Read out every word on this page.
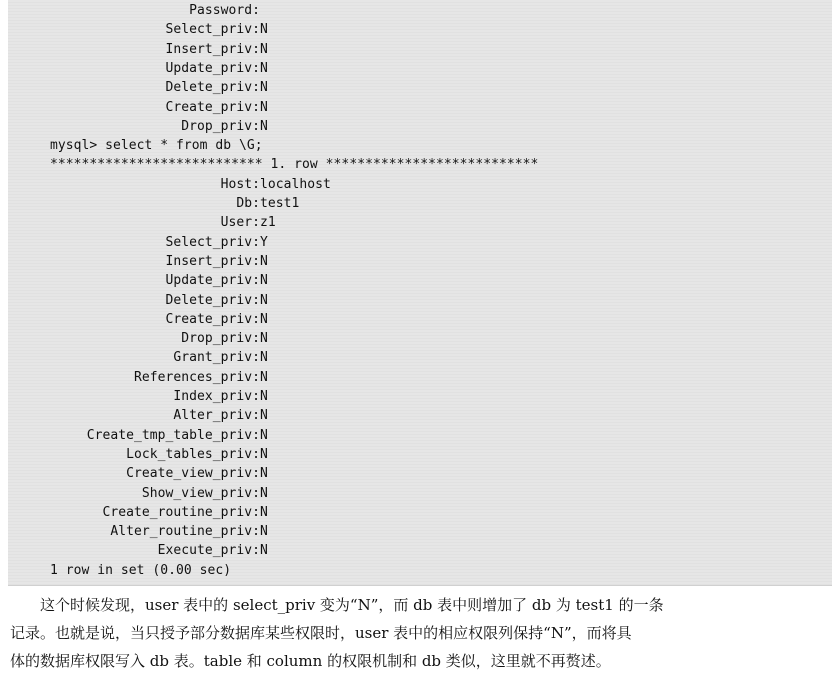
Password:
Select_priv: N
Insert_priv: N
Update_priv: N
Delete_priv: N
Create_priv: N
Drop_priv: N
mysql> select * from db \G;
*************************** 1. row ***************************
Host: localhost
Db: test1
User: z1
Select_priv: Y
Insert_priv: N
Update_priv: N
Delete_priv: N
Create_priv: N
Drop_priv: N
Grant_priv: N
References_priv: N
Index_priv: N
Alter_priv: N
Create_tmp_table_priv: N
Lock_tables_priv: N
Create_view_priv: N
Show_view_priv: N
Create_routine_priv: N
Alter_routine_priv: N
Execute_priv: N
1 row in set (0.00 sec)

这个时候发现，user 表中的 select_priv 变为“N”，而 db 表中则增加了 db 为 test1 的一条

记录。也就是说，当只授予部分数据库某些权限时，user 表中的相应权限列保持“N”，而将具

体的数据库权限写入 db 表。table 和 column 的权限机制和 db 类似，这里就不再赘述。
